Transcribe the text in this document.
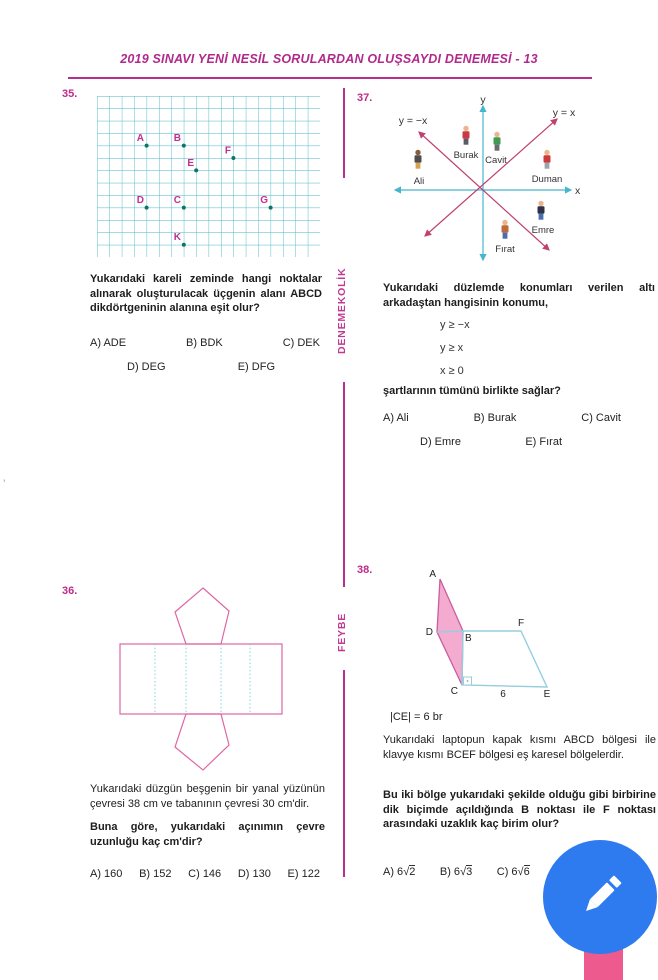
2019 SINAVI YENİ NESİL SORULARDAN OLUŞSAYDI DENEMESİ - 13
’
DENEMEKOLİK
FEYBE
35.
A	B
F
E
D	C	G
K
Yukarıdaki kareli zeminde hangi noktalar alınarak oluşturulacak üçgenin alanı ABCD dikdörtgeninin alanına eşit olur?
A) ADE	B) BDK	C) DEK
D) DEG	E) DFG
36.
Yukarıdaki düzgün beşgenin bir yanal yüzünün çevresi 38 cm ve tabanının çevresi 30 cm'dir.
Buna göre, yukarıdaki açınımın çevre uzunluğu kaç cm'dir?
A) 160 B) 152 C) 146 D) 130 E) 122
37.	y
x
y = −x
y = x
Ali
Burak Cavit
Duman
Emre
Fırat
Yukarıdaki düzlemde konumları verilen altı arkadaştan hangisinin konumu,
y ≥ −x
y ≥ x
x ≥ 0
şartlarının tümünü birlikte sağlar?
A) Ali	B) Burak	C) Cavit
D) Emre	E) Fırat
38.	A
D
B
C
F
E
6
|CE| = 6 br
Yukarıdaki laptopun kapak kısmı ABCD bölgesi ile klavye kısmı BCEF bölgesi eş karesel bölgelerdir.
Bu iki bölge yukarıdaki şekilde olduğu gibi birbirine dik biçimde açıldığında B noktası ile F noktası arasındaki uzaklık kaç birim olur?
A) 6√2 B) 6√3 C) 6√6
